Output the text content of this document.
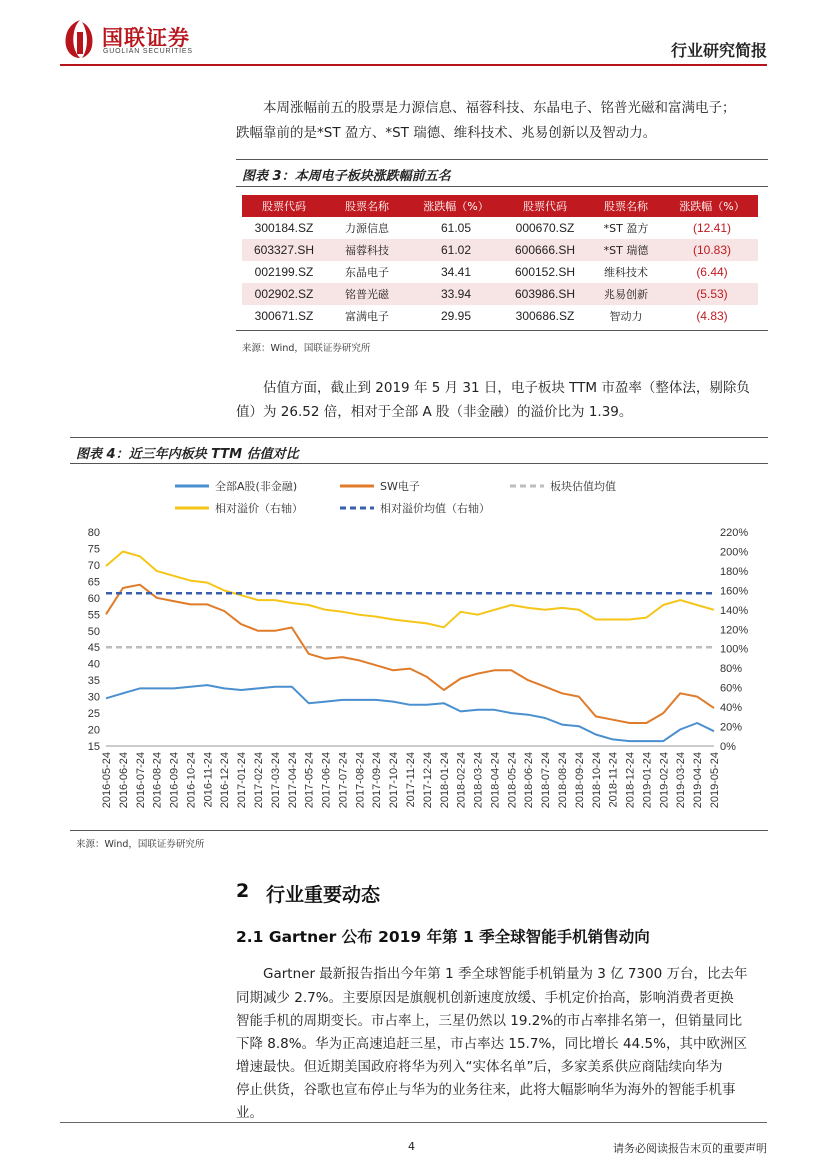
国联证券
GUOLIAN SECURITIES	行业研究简报
本周涨幅前五的股票是力源信息、福蓉科技、东晶电子、铭普光磁和富满电子；
跌幅靠前的是*ST 盈方、*ST 瑞德、维科技术、兆易创新以及智动力。
图表 3：本周电子板块涨跌幅前五名
股票代码	股票名称	涨跌幅（%）	股票代码	股票名称	涨跌幅（%）
300184.SZ	力源信息	61.05	000670.SZ	*ST 盈方	(12.41)
603327.SH	福蓉科技	61.02	600666.SH	*ST 瑞德	(10.83)
002199.SZ	东晶电子	34.41	600152.SH	维科技术	(6.44)
002902.SZ	铭普光磁	33.94	603986.SH	兆易创新	(5.53)
300671.SZ	富满电子	29.95	300686.SZ	智动力	(4.83)
来源：Wind，国联证券研究所
估值方面，截止到 2019 年 5 月 31 日，电子板块 TTM 市盈率（整体法，剔除负
值）为 26.52 倍，相对于全部 A 股（非金融）的溢价比为 1.39。
图表 4：近三年内板块 TTM 估值对比
15
20
25
30
35
40
45
50
55
60
65
70
75
80
0%
20%
40%
60%
80%
100%
120%
140%
160%
180%
200%
220%
2016-05-24 2016-06-24 2016-07-24 2016-08-24 2016-09-24 2016-10-24 2016-11-24 2016-12-24 2017-01-24 2017-02-24 2017-03-24 2017-04-24 2017-05-24 2017-06-24 2017-07-24 2017-08-24 2017-09-24 2017-10-24 2017-11-24 2017-12-24 2018-01-24 2018-02-24 2018-03-24 2018-04-24 2018-05-24 2018-06-24 2018-07-24 2018-08-24 2018-09-24 2018-10-24 2018-11-24 2018-12-24 2019-01-24 2019-02-24 2019-03-24 2019-04-24 2019-05-24
全部A股(非金融)	SW电子	板块估值均值
相对溢价（右轴）	相对溢价均值（右轴）
来源：Wind，国联证券研究所
2 行业重要动态
2.1 Gartner 公布 2019 年第 1 季全球智能手机销售动向
Gartner 最新报告指出今年第 1 季全球智能手机销量为 3 亿 7300 万台，比去年
同期减少 2.7%。主要原因是旗舰机创新速度放缓、手机定价抬高，影响消费者更换
智能手机的周期变长。市占率上，三星仍然以 19.2%的市占率排名第一，但销量同比
下降 8.8%。华为正高速追赶三星，市占率达 15.7%，同比增长 44.5%，其中欧洲区
增速最快。但近期美国政府将华为列入“实体名单”后，多家美系供应商陆续向华为
停止供货，谷歌也宣布停止与华为的业务往来，此将大幅影响华为海外的智能手机事
业。
4	请务必阅读报告末页的重要声明
